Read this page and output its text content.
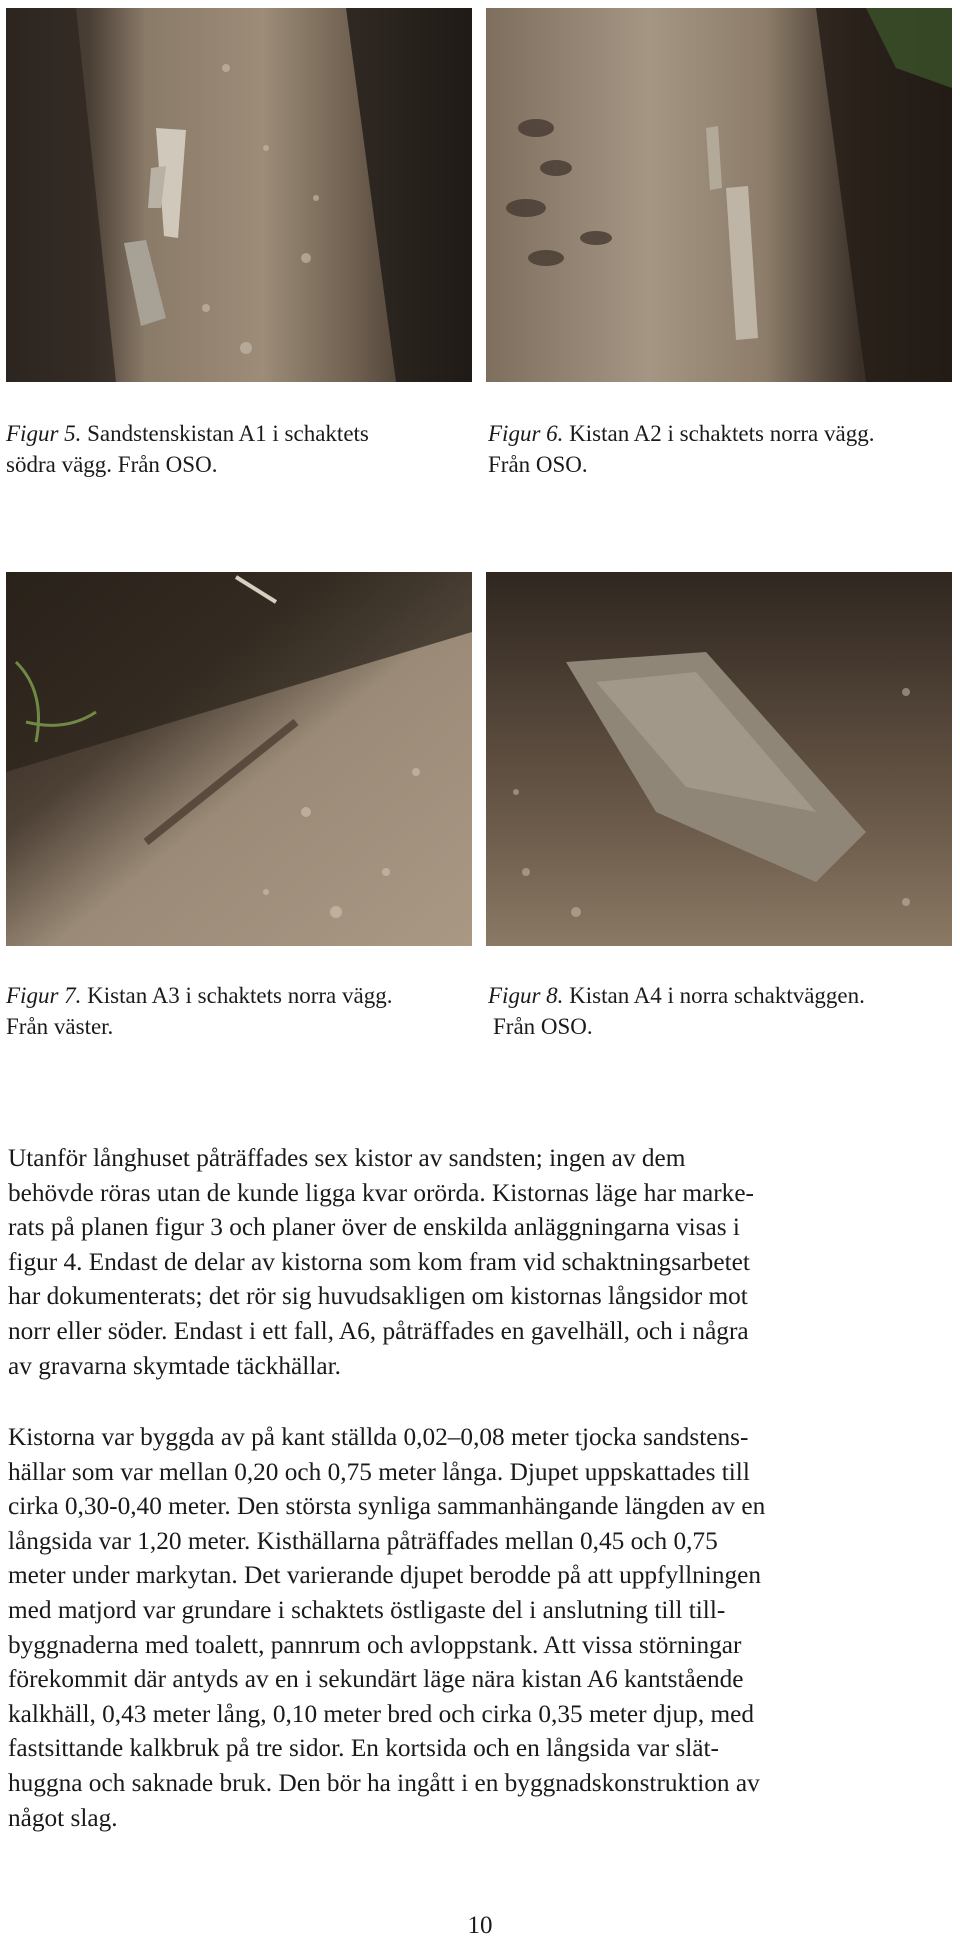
Figur 5. Sandstenskistan A1 i schaktets
södra vägg. Från OSO.
Figur 6. Kistan A2 i schaktets norra vägg.
Från OSO.
Figur 7. Kistan A3 i schaktets norra vägg.
Från väster.
Figur 8. Kistan A4 i norra schaktväggen.
Från OSO.

Utanför långhuset påträffades sex kistor av sandsten; ingen av dem
behövde röras utan de kunde ligga kvar orörda. Kistornas läge har marke-
rats på planen figur 3 och planer över de enskilda anläggningarna visas i
figur 4. Endast de delar av kistorna som kom fram vid schaktningsarbetet
har dokumenterats; det rör sig huvudsakligen om kistornas långsidor mot
norr eller söder. Endast i ett fall, A6, påträffades en gavelhäll, och i några
av gravarna skymtade täckhällar.

Kistorna var byggda av på kant ställda 0,02–0,08 meter tjocka sandstens-
hällar som var mellan 0,20 och 0,75 meter långa. Djupet uppskattades till
cirka 0,30-0,40 meter. Den största synliga sammanhängande längden av en
långsida var 1,20 meter. Kisthällarna påträffades mellan 0,45 och 0,75
meter under markytan. Det varierande djupet berodde på att uppfyllningen
med matjord var grundare i schaktets östligaste del i anslutning till till-
byggnaderna med toalett, pannrum och avloppstank. Att vissa störningar
förekommit där antyds av en i sekundärt läge nära kistan A6 kantstående
kalkhäll, 0,43 meter lång, 0,10 meter bred och cirka 0,35 meter djup, med
fastsittande kalkbruk på tre sidor. En kortsida och en långsida var slät-
huggna och saknade bruk. Den bör ha ingått i en byggnadskonstruktion av
något slag.

10
